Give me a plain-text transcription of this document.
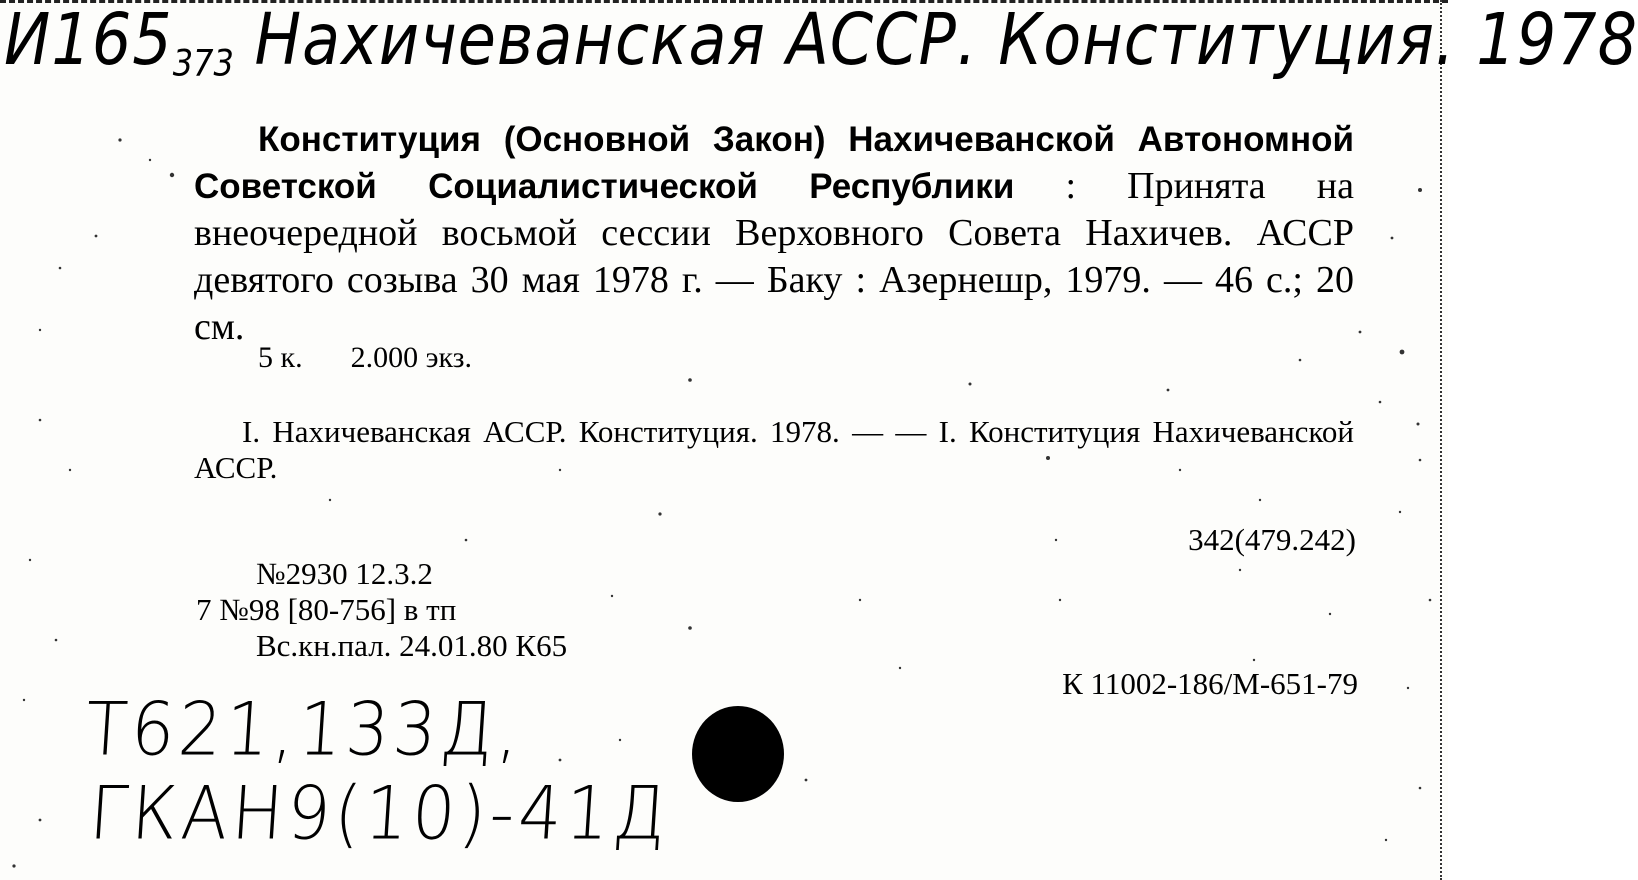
$И165_{373}$ Нахичеванская АССР. Конституция. 1978

Конституция (Основной Закон) Нахичеванской Автономной Советской Социалистической Республики : Принята на внеочередной восьмой сессии Верховного Совета Нахичев. АССР девятого созыва 30 мая 1978 г. — Баку : Азернешр, 1979. — 46 с.; 20 см.

5 к. 2.000 экз.

I. Нахичеванская АССР. Конституция. 1978. — — I. Конституция Нахичеванской АССР.

342(479.242)
№2930 12.3.2
7 №98 [80-756] в тп
Вс.кн.пал. 24.01.80 К65
К 11002-186/М-651-79
Т621,133Д,
ГКАН9(10)-41Д
